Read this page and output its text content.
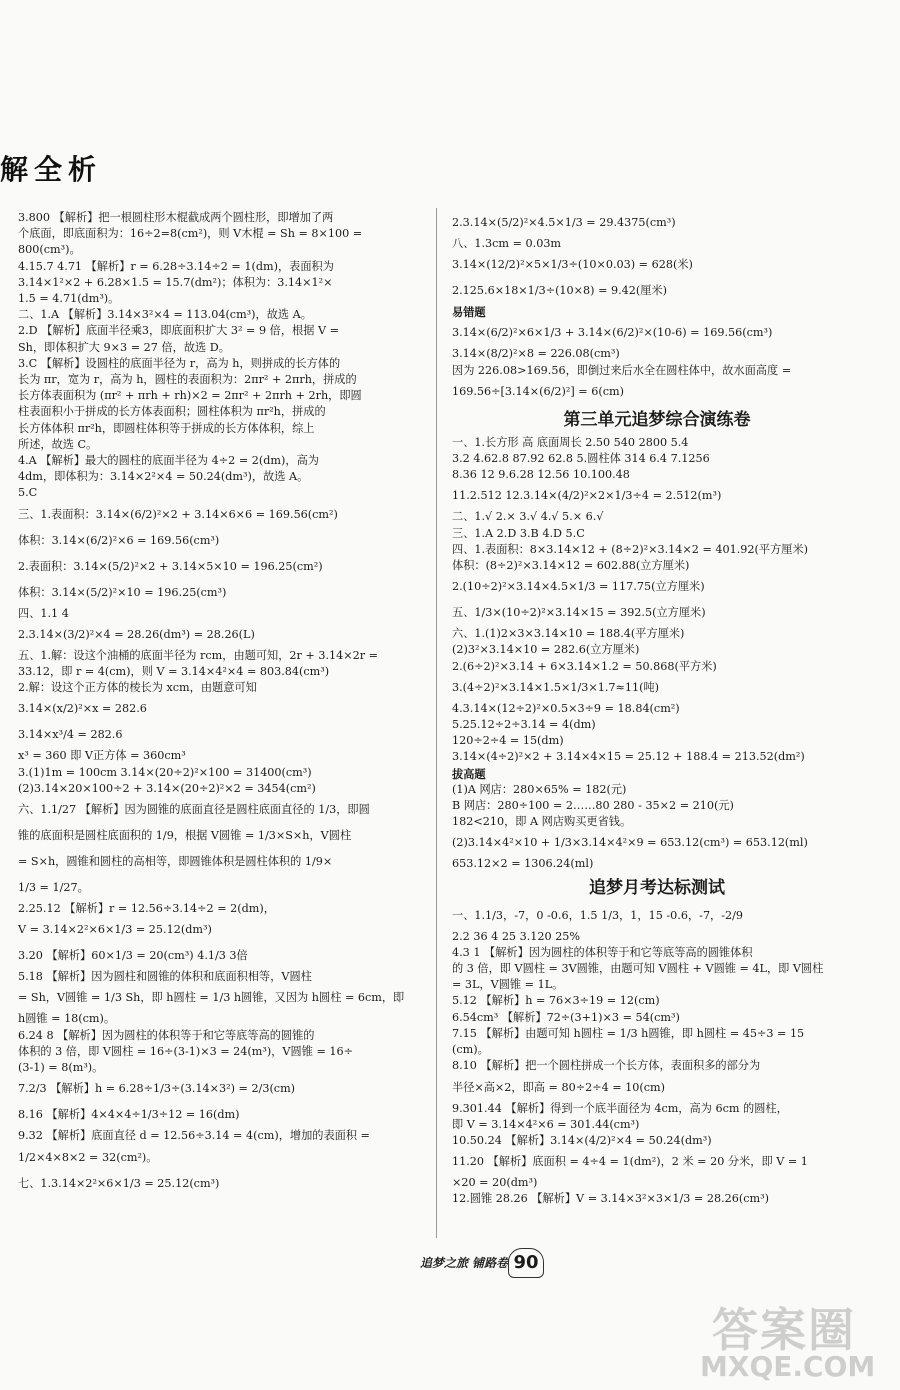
解全析
3.800 【解析】把一根圆柱形木棍截成两个圆柱形，即增加了两
个底面，即底面积为：16÷2=8(cm²)，则 V木棍 = Sh = 8×100 =
800(cm³)。
4.15.7 4.71 【解析】r = 6.28÷3.14÷2 = 1(dm)，表面积为
3.14×1²×2 + 6.28×1.5 = 15.7(dm²)；体积为：3.14×1²×
1.5 = 4.71(dm³)。
二、1.A 【解析】3.14×3²×4 = 113.04(cm³)，故选 A。
2.D 【解析】底面半径乘3，即底面积扩大 3² = 9 倍，根据 V =
Sh，即体积扩大 9×3 = 27 倍，故选 D。
3.C 【解析】设圆柱的底面半径为 r，高为 h，则拼成的长方体的
长为 πr，宽为 r，高为 h，圆柱的表面积为：2πr² + 2πrh，拼成的
长方体表面积为 (πr² + πrh + rh)×2 = 2πr² + 2πrh + 2rh，即圆
柱表面积小于拼成的长方体表面积；圆柱体积为 πr²h，拼成的
长方体体积 πr²h，即圆柱体积等于拼成的长方体体积，综上
所述，故选 C。
4.A 【解析】最大的圆柱的底面半径为 4÷2 = 2(dm)，高为
4dm，即体积为：3.14×2²×4 = 50.24(dm³)，故选 A。
5.C
三、1.表面积：3.14×(6/2)²×2 + 3.14×6×6 = 169.56(cm²)
体积：3.14×(6/2)²×6 = 169.56(cm³)
2.表面积：3.14×(5/2)²×2 + 3.14×5×10 = 196.25(cm²)
体积：3.14×(5/2)²×10 = 196.25(cm³)
四、1.1 4
2.3.14×(3/2)²×4 = 28.26(dm³) = 28.26(L)
五、1.解：设这个油桶的底面半径为 rcm，由题可知，2r + 3.14×2r =
33.12，即 r = 4(cm)，则 V = 3.14×4²×4 = 803.84(cm³)
2.解：设这个正方体的棱长为 xcm，由题意可知
3.14×(x/2)²×x = 282.6
3.14×x³/4 = 282.6
x³ = 360 即 V正方体 = 360cm³
3.(1)1m = 100cm 3.14×(20÷2)²×100 = 31400(cm³)
(2)3.14×20×100÷2 + 3.14×(20÷2)²×2 = 3454(cm²)
六、1.1/27 【解析】因为圆锥的底面直径是圆柱底面直径的 1/3，即圆
锥的底面积是圆柱底面积的 1/9，根据 V圆锥 = 1/3×S×h，V圆柱
= S×h，圆锥和圆柱的高相等，即圆锥体积是圆柱体积的 1/9×
1/3 = 1/27。
2.25.12 【解析】r = 12.56÷3.14÷2 = 2(dm)，
V = 3.14×2²×6×1/3 = 25.12(dm³)
3.20 【解析】60×1/3 = 20(cm³) 4.1/3 3倍
5.18 【解析】因为圆柱和圆锥的体积和底面积相等，V圆柱
= Sh，V圆锥 = 1/3 Sh，即 h圆柱 = 1/3 h圆锥，又因为 h圆柱 = 6cm，即
h圆锥 = 18(cm)。
6.24 8 【解析】因为圆柱的体积等于和它等底等高的圆锥的
体积的 3 倍，即 V圆柱 = 16÷(3-1)×3 = 24(m³)，V圆锥 = 16÷
(3-1) = 8(m³)。
7.2/3 【解析】h = 6.28÷1/3÷(3.14×3²) = 2/3(cm)
8.16 【解析】4×4×4÷1/3÷12 = 16(dm)
9.32 【解析】底面直径 d = 12.56÷3.14 = 4(cm)，增加的表面积 =
1/2×4×8×2 = 32(cm²)。
七、1.3.14×2²×6×1/3 = 25.12(cm³)
2.3.14×(5/2)²×4.5×1/3 = 29.4375(cm³)
八、1.3cm = 0.03m
3.14×(12/2)²×5×1/3÷(10×0.03) = 628(米)
2.125.6×18×1/3÷(10×8) = 9.42(厘米)
易错题
3.14×(6/2)²×6×1/3 + 3.14×(6/2)²×(10-6) = 169.56(cm³)
3.14×(8/2)²×8 = 226.08(cm³)
因为 226.08>169.56，即倒过来后水全在圆柱体中，故水面高度 =
169.56÷[3.14×(6/2)²] = 6(cm)
第三单元追梦综合演练卷
一、1.长方形 高 底面周长 2.50 540 2800 5.4
3.2 4.62.8 87.92 62.8 5.圆柱体 314 6.4 7.1256
8.36 12 9.6.28 12.56 10.100.48
11.2.512 12.3.14×(4/2)²×2×1/3÷4 = 2.512(m³)
二、1.√ 2.× 3.√ 4.√ 5.× 6.√
三、1.A 2.D 3.B 4.D 5.C
四、1.表面积：8×3.14×12 + (8÷2)²×3.14×2 = 401.92(平方厘米)
体积：(8÷2)²×3.14×12 = 602.88(立方厘米)
2.(10÷2)²×3.14×4.5×1/3 = 117.75(立方厘米)
五、1/3×(10÷2)²×3.14×15 = 392.5(立方厘米)
六、1.(1)2×3×3.14×10 = 188.4(平方厘米)
(2)3²×3.14×10 = 282.6(立方厘米)
2.(6÷2)²×3.14 + 6×3.14×1.2 = 50.868(平方米)
3.(4÷2)²×3.14×1.5×1/3×1.7≈11(吨)
4.3.14×(12÷2)²×0.5×3÷9 = 18.84(cm²)
5.25.12÷2÷3.14 = 4(dm)
120÷2÷4 = 15(dm)
3.14×(4÷2)²×2 + 3.14×4×15 = 25.12 + 188.4 = 213.52(dm²)
拔高题
(1)A 网店：280×65% = 182(元)
B 网店：280÷100 = 2……80 280 - 35×2 = 210(元)
182<210，即 A 网店购买更省钱。
(2)3.14×4²×10 + 1/3×3.14×4²×9 = 653.12(cm³) = 653.12(ml)
653.12×2 = 1306.24(ml)
追梦月考达标测试
一、1.1/3，-7，0 -0.6，1.5 1/3，1，15 -0.6，-7，-2/9
2.2 36 4 25 3.120 25%
4.3 1 【解析】因为圆柱的体积等于和它等底等高的圆锥体积
的 3 倍，即 V圆柱 = 3V圆锥，由题可知 V圆柱 + V圆锥 = 4L，即 V圆柱
= 3L，V圆锥 = 1L。
5.12 【解析】h = 76×3÷19 = 12(cm)
6.54cm³ 【解析】72÷(3+1)×3 = 54(cm³)
7.15 【解析】由题可知 h圆柱 = 1/3 h圆锥，即 h圆柱 = 45÷3 = 15
(cm)。
8.10 【解析】把一个圆柱拼成一个长方体，表面积多的部分为
半径×高×2，即高 = 80÷2÷4 = 10(cm)
9.301.44 【解析】得到一个底半面径为 4cm，高为 6cm 的圆柱，
即 V = 3.14×4²×6 = 301.44(cm³)
10.50.24 【解析】3.14×(4/2)²×4 = 50.24(dm³)
11.20 【解析】底面积 = 4÷4 = 1(dm²)，2 米 = 20 分米，即 V = 1
×20 = 20(dm³)
12.圆锥 28.26 【解析】V = 3.14×3²×3×1/3 = 28.26(cm³)
追梦之旅 铺路卷 90
答案圈
MXQE.COM
